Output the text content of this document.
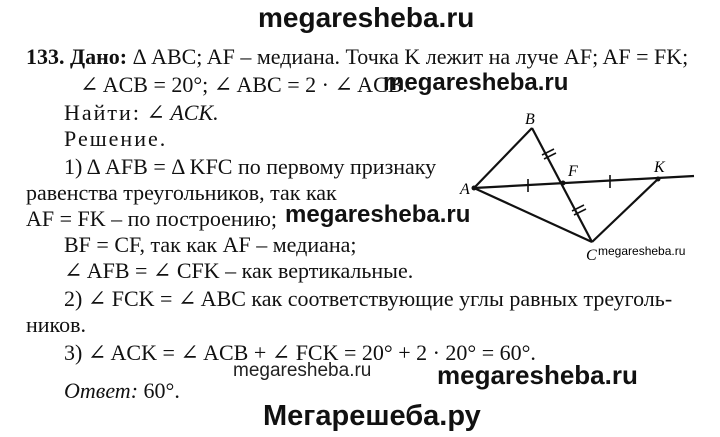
megaresheba.ru
133. Дано: Δ ABC; AF – медиана. Точка K лежит на луче AF; AF = FK;
∠ ACB = 20°; ∠ ABC = 2 · ∠ ACB.
megaresheba.ru
Найти: ∠ ACK.
Решение.
1) Δ AFB = Δ KFC по первому признаку
равенства треугольников, так как
AF = FK – по построению; megaresheba.ru
BF = CF, так как AF – медиана;
∠ AFB = ∠ CFK – как вертикальные.
2) ∠ FCK = ∠ ABC как соответствующие углы равных треуголь-
ников.
3) ∠ ACK = ∠ ACB + ∠ FCK = 20° + 2 · 20° = 60°.
megaresheba.ru	megaresheba.ru
Ответ: 60°.
Мегарешеба.ру
A
B
F	K
C megaresheba.ru
